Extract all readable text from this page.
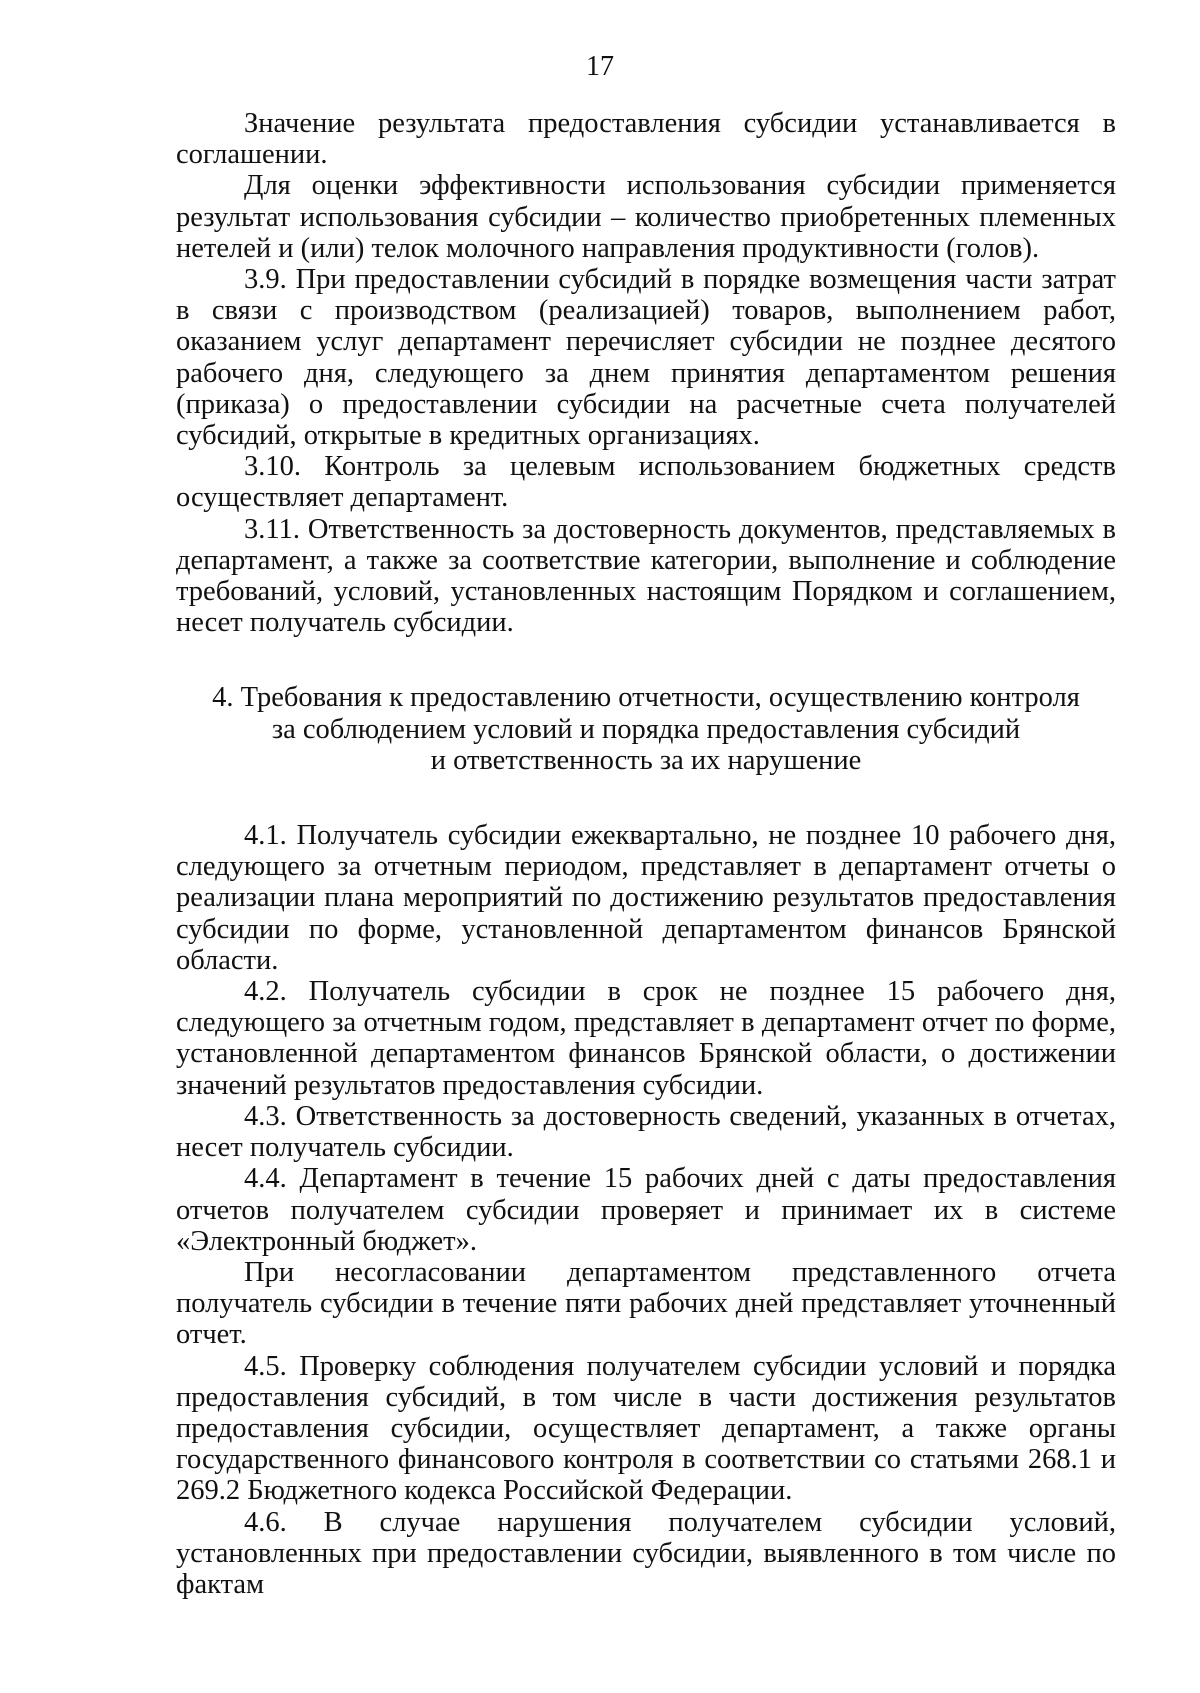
17

Значение результата предоставления субсидии устанавливается в соглашении.

Для оценки эффективности использования субсидии применяется результат использования субсидии – количество приобретенных племенных нетелей и (или) телок молочного направления продуктивности (голов).

3.9. При предоставлении субсидий в порядке возмещения части затрат в связи с производством (реализацией) товаров, выполнением работ, оказанием услуг департамент перечисляет субсидии не позднее десятого рабочего дня, следующего за днем принятия департаментом решения (приказа) о предоставлении субсидии на расчетные счета получателей субсидий, открытые в кредитных организациях.

3.10. Контроль за целевым использованием бюджетных средств осуществляет департамент.

3.11. Ответственность за достоверность документов, представляемых в департамент, а также за соответствие категории, выполнение и соблюдение требований, условий, установленных настоящим Порядком и соглашением, несет получатель субсидии.

4. Требования к предоставлению отчетности, осуществлению контроля
за соблюдением условий и порядка предоставления субсидий
и ответственность за их нарушение

4.1. Получатель субсидии ежеквартально, не позднее 10 рабочего дня, следующего за отчетным периодом, представляет в департамент отчеты о реализации плана мероприятий по достижению результатов предоставления субсидии по форме, установленной департаментом финансов Брянской области.

4.2. Получатель субсидии в срок не позднее 15 рабочего дня, следующего за отчетным годом, представляет в департамент отчет по форме, установленной департаментом финансов Брянской области, о достижении значений результатов предоставления субсидии.

4.3. Ответственность за достоверность сведений, указанных в отчетах, несет получатель субсидии.

4.4. Департамент в течение 15 рабочих дней с даты предоставления отчетов получателем субсидии проверяет и принимает их в системе «Электронный бюджет».

При несогласовании департаментом представленного отчета получатель субсидии в течение пяти рабочих дней представляет уточненный отчет.

4.5. Проверку соблюдения получателем субсидии условий и порядка предоставления субсидий, в том числе в части достижения результатов предоставления субсидии, осуществляет департамент, а также органы государственного финансового контроля в соответствии со статьями 268.1 и 269.2 Бюджетного кодекса Российской Федерации.

4.6. В случае нарушения получателем субсидии условий, установленных при предоставлении субсидии, выявленного в том числе по фактам
